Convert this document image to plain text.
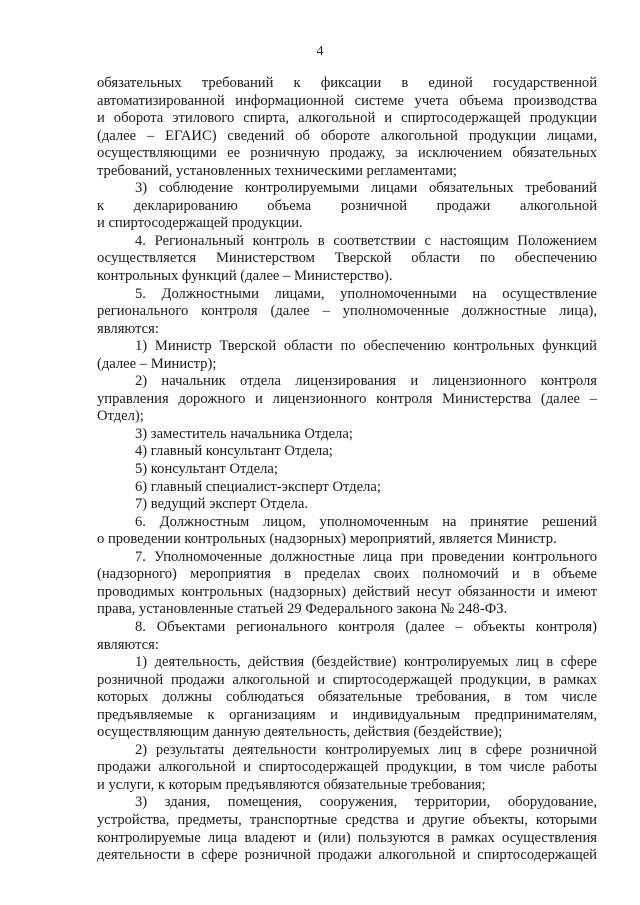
4

обязательных требований к фиксации в единой государственной

автоматизированной информационной системе учета объема производства

и оборота этилового спирта, алкогольной и спиртосодержащей продукции

(далее – ЕГАИС) сведений об обороте алкогольной продукции лицами,

осуществляющими ее розничную продажу, за исключением обязательных

требований, установленных техническими регламентами;

3) соблюдение контролируемыми лицами обязательных требований

к декларированию объема розничной продажи алкогольной

и спиртосодержащей продукции.

4. Региональный контроль в соответствии с настоящим Положением

осуществляется Министерством Тверской области по обеспечению

контрольных функций (далее – Министерство).

5. Должностными лицами, уполномоченными на осуществление

регионального контроля (далее – уполномоченные должностные лица),

являются:

1) Министр Тверской области по обеспечению контрольных функций

(далее – Министр);

2) начальник отдела лицензирования и лицензионного контроля

управления дорожного и лицензионного контроля Министерства (далее –

Отдел);

3) заместитель начальника Отдела;

4) главный консультант Отдела;

5) консультант Отдела;

6) главный специалист-эксперт Отдела;

7) ведущий эксперт Отдела.

6. Должностным лицом, уполномоченным на принятие решений

о проведении контрольных (надзорных) мероприятий, является Министр.

7. Уполномоченные должностные лица при проведении контрольного

(надзорного) мероприятия в пределах своих полномочий и в объеме

проводимых контрольных (надзорных) действий несут обязанности и имеют

права, установленные статьей 29 Федерального закона № 248-ФЗ.

8. Объектами регионального контроля (далее – объекты контроля)

являются:

1) деятельность, действия (бездействие) контролируемых лиц в сфере

розничной продажи алкогольной и спиртосодержащей продукции, в рамках

которых должны соблюдаться обязательные требования, в том числе

предъявляемые к организациям и индивидуальным предпринимателям,

осуществляющим данную деятельность, действия (бездействие);

2) результаты деятельности контролируемых лиц в сфере розничной

продажи алкогольной и спиртосодержащей продукции, в том числе работы

и услуги, к которым предъявляются обязательные требования;

3) здания, помещения, сооружения, территории, оборудование,

устройства, предметы, транспортные средства и другие объекты, которыми

контролируемые лица владеют и (или) пользуются в рамках осуществления

деятельности в сфере розничной продажи алкогольной и спиртосодержащей
